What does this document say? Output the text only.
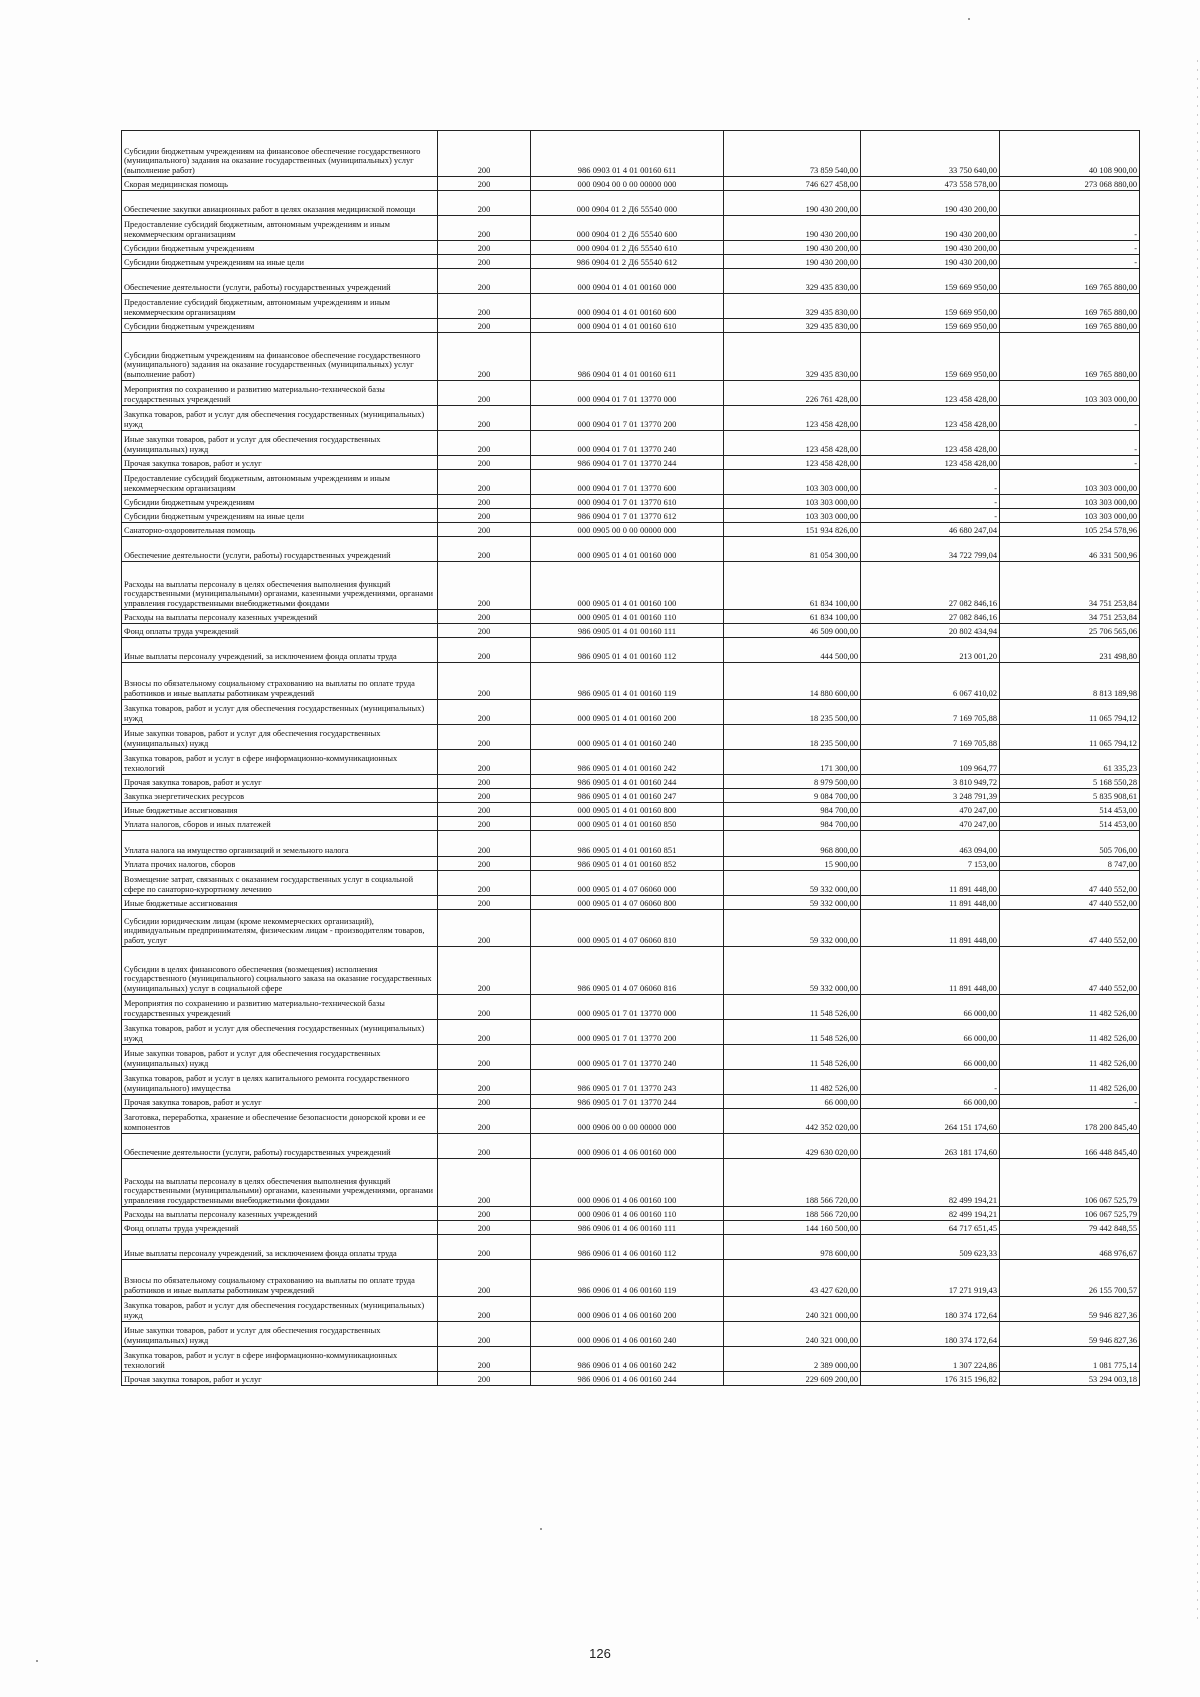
Субсидии бюджетным учреждениям на финансовое обеспечение государственного (муниципального) задания на оказание государственных (муниципальных) услуг (выполнение работ)	200	986 0903 01 4 01 00160 611	73 859 540,00	33 750 640,00	40 108 900,00
Скорая медицинская помощь	200	000 0904 00 0 00 00000 000	746 627 458,00	473 558 578,00	273 068 880,00
Обеспечение закупки авиационных работ в целях оказания медицинской помощи	200	000 0904 01 2 Д6 55540 000	190 430 200,00	190 430 200,00	
Предоставление субсидий бюджетным, автономным учреждениям и иным некоммерческим организациям	200	000 0904 01 2 Д6 55540 600	190 430 200,00	190 430 200,00	-
Субсидии бюджетным учреждениям	200	000 0904 01 2 Д6 55540 610	190 430 200,00	190 430 200,00	-
Субсидии бюджетным учреждениям на иные цели	200	986 0904 01 2 Д6 55540 612	190 430 200,00	190 430 200,00	-
Обеспечение деятельности (услуги, работы) государственных учреждений	200	000 0904 01 4 01 00160 000	329 435 830,00	159 669 950,00	169 765 880,00
Предоставление субсидий бюджетным, автономным учреждениям и иным некоммерческим организациям	200	000 0904 01 4 01 00160 600	329 435 830,00	159 669 950,00	169 765 880,00
Субсидии бюджетным учреждениям	200	000 0904 01 4 01 00160 610	329 435 830,00	159 669 950,00	169 765 880,00
Субсидии бюджетным учреждениям на финансовое обеспечение государственного (муниципального) задания на оказание государственных (муниципальных) услуг (выполнение работ)	200	986 0904 01 4 01 00160 611	329 435 830,00	159 669 950,00	169 765 880,00
Мероприятия по сохранению и развитию материально-технической базы государственных учреждений	200	000 0904 01 7 01 13770 000	226 761 428,00	123 458 428,00	103 303 000,00
Закупка товаров, работ и услуг для обеспечения государственных (муниципальных) нужд	200	000 0904 01 7 01 13770 200	123 458 428,00	123 458 428,00	-
Иные закупки товаров, работ и услуг для обеспечения государственных (муниципальных) нужд	200	000 0904 01 7 01 13770 240	123 458 428,00	123 458 428,00	-
Прочая закупка товаров, работ и услуг	200	986 0904 01 7 01 13770 244	123 458 428,00	123 458 428,00	-
Предоставление субсидий бюджетным, автономным учреждениям и иным некоммерческим организациям	200	000 0904 01 7 01 13770 600	103 303 000,00	-	103 303 000,00
Субсидии бюджетным учреждениям	200	000 0904 01 7 01 13770 610	103 303 000,00	-	103 303 000,00
Субсидии бюджетным учреждениям на иные цели	200	986 0904 01 7 01 13770 612	103 303 000,00	-	103 303 000,00
Санаторно-оздоровительная помощь	200	000 0905 00 0 00 00000 000	151 934 826,00	46 680 247,04	105 254 578,96
Обеспечение деятельности (услуги, работы) государственных учреждений	200	000 0905 01 4 01 00160 000	81 054 300,00	34 722 799,04	46 331 500,96
Расходы на выплаты персоналу в целях обеспечения выполнения функций государственными (муниципальными) органами, казенными учреждениями, органами управления государственными внебюджетными фондами	200	000 0905 01 4 01 00160 100	61 834 100,00	27 082 846,16	34 751 253,84
Расходы на выплаты персоналу казенных учреждений	200	000 0905 01 4 01 00160 110	61 834 100,00	27 082 846,16	34 751 253,84
Фонд оплаты труда учреждений	200	986 0905 01 4 01 00160 111	46 509 000,00	20 802 434,94	25 706 565,06
Иные выплаты персоналу учреждений, за исключением фонда оплаты труда	200	986 0905 01 4 01 00160 112	444 500,00	213 001,20	231 498,80
Взносы по обязательному социальному страхованию на выплаты по оплате труда работников и иные выплаты работникам учреждений	200	986 0905 01 4 01 00160 119	14 880 600,00	6 067 410,02	8 813 189,98
Закупка товаров, работ и услуг для обеспечения государственных (муниципальных) нужд	200	000 0905 01 4 01 00160 200	18 235 500,00	7 169 705,88	11 065 794,12
Иные закупки товаров, работ и услуг для обеспечения государственных (муниципальных) нужд	200	000 0905 01 4 01 00160 240	18 235 500,00	7 169 705,88	11 065 794,12
Закупка товаров, работ и услуг в сфере информационно-коммуникационных технологий	200	986 0905 01 4 01 00160 242	171 300,00	109 964,77	61 335,23
Прочая закупка товаров, работ и услуг	200	986 0905 01 4 01 00160 244	8 979 500,00	3 810 949,72	5 168 550,28
Закупка энергетических ресурсов	200	986 0905 01 4 01 00160 247	9 084 700,00	3 248 791,39	5 835 908,61
Иные бюджетные ассигнования	200	000 0905 01 4 01 00160 800	984 700,00	470 247,00	514 453,00
Уплата налогов, сборов и иных платежей	200	000 0905 01 4 01 00160 850	984 700,00	470 247,00	514 453,00
Уплата налога на имущество организаций и земельного налога	200	986 0905 01 4 01 00160 851	968 800,00	463 094,00	505 706,00
Уплата прочих налогов, сборов	200	986 0905 01 4 01 00160 852	15 900,00	7 153,00	8 747,00
Возмещение затрат, связанных с оказанием государственных услуг в социальной сфере по санаторно-курортному лечению	200	000 0905 01 4 07 06060 000	59 332 000,00	11 891 448,00	47 440 552,00
Иные бюджетные ассигнования	200	000 0905 01 4 07 06060 800	59 332 000,00	11 891 448,00	47 440 552,00
Субсидии юридическим лицам (кроме некоммерческих организаций), индивидуальным предпринимателям, физическим лицам - производителям товаров, работ, услуг	200	000 0905 01 4 07 06060 810	59 332 000,00	11 891 448,00	47 440 552,00
Субсидии в целях финансового обеспечения (возмещения) исполнения государственного (муниципального) социального заказа на оказание государственных (муниципальных) услуг в социальной сфере	200	986 0905 01 4 07 06060 816	59 332 000,00	11 891 448,00	47 440 552,00
Мероприятия по сохранению и развитию материально-технической базы государственных учреждений	200	000 0905 01 7 01 13770 000	11 548 526,00	66 000,00	11 482 526,00
Закупка товаров, работ и услуг для обеспечения государственных (муниципальных) нужд	200	000 0905 01 7 01 13770 200	11 548 526,00	66 000,00	11 482 526,00
Иные закупки товаров, работ и услуг для обеспечения государственных (муниципальных) нужд	200	000 0905 01 7 01 13770 240	11 548 526,00	66 000,00	11 482 526,00
Закупка товаров, работ и услуг в целях капитального ремонта государственного (муниципального) имущества	200	986 0905 01 7 01 13770 243	11 482 526,00	-	11 482 526,00
Прочая закупка товаров, работ и услуг	200	986 0905 01 7 01 13770 244	66 000,00	66 000,00	-
Заготовка, переработка, хранение и обеспечение безопасности донорской крови и ее компонентов	200	000 0906 00 0 00 00000 000	442 352 020,00	264 151 174,60	178 200 845,40
Обеспечение деятельности (услуги, работы) государственных учреждений	200	000 0906 01 4 06 00160 000	429 630 020,00	263 181 174,60	166 448 845,40
Расходы на выплаты персоналу в целях обеспечения выполнения функций государственными (муниципальными) органами, казенными учреждениями, органами управления государственными внебюджетными фондами	200	000 0906 01 4 06 00160 100	188 566 720,00	82 499 194,21	106 067 525,79
Расходы на выплаты персоналу казенных учреждений	200	000 0906 01 4 06 00160 110	188 566 720,00	82 499 194,21	106 067 525,79
Фонд оплаты труда учреждений	200	986 0906 01 4 06 00160 111	144 160 500,00	64 717 651,45	79 442 848,55
Иные выплаты персоналу учреждений, за исключением фонда оплаты труда	200	986 0906 01 4 06 00160 112	978 600,00	509 623,33	468 976,67
Взносы по обязательному социальному страхованию на выплаты по оплате труда работников и иные выплаты работникам учреждений	200	986 0906 01 4 06 00160 119	43 427 620,00	17 271 919,43	26 155 700,57
Закупка товаров, работ и услуг для обеспечения государственных (муниципальных) нужд	200	000 0906 01 4 06 00160 200	240 321 000,00	180 374 172,64	59 946 827,36
Иные закупки товаров, работ и услуг для обеспечения государственных (муниципальных) нужд	200	000 0906 01 4 06 00160 240	240 321 000,00	180 374 172,64	59 946 827,36
Закупка товаров, работ и услуг в сфере информационно-коммуникационных технологий	200	986 0906 01 4 06 00160 242	2 389 000,00	1 307 224,86	1 081 775,14
Прочая закупка товаров, работ и услуг	200	986 0906 01 4 06 00160 244	229 609 200,00	176 315 196,82	53 294 003,18
126
